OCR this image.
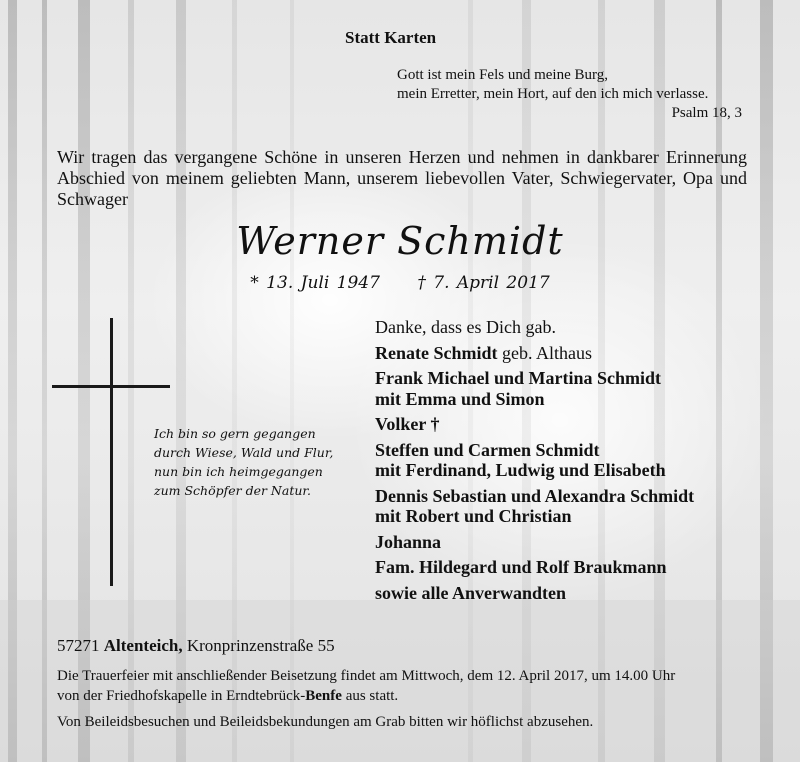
Statt Karten
Gott ist mein Fels und meine Burg,
mein Erretter, mein Hort, auf den ich mich verlasse.
Psalm 18, 3
Wir tragen das vergangene Schöne in unseren Herzen und nehmen in dankbarer Erinnerung Abschied von meinem geliebten Mann, unserem liebevollen Vater, Schwiegervater, Opa und Schwager
Werner Schmidt
* 13. Juli 1947 † 7. April 2017
Ich bin so gern gegangen
durch Wiese, Wald und Flur,
nun bin ich heimgegangen
zum Schöpfer der Natur.
Danke, dass es Dich gab.
Renate Schmidt geb. Althaus
Frank Michael und Martina Schmidt
mit Emma und Simon
Volker †
Steffen und Carmen Schmidt
mit Ferdinand, Ludwig und Elisabeth
Dennis Sebastian und Alexandra Schmidt
mit Robert und Christian
Johanna
Fam. Hildegard und Rolf Braukmann
sowie alle Anverwandten
57271 Altenteich, Kronprinzenstraße 55
Die Trauerfeier mit anschließender Beisetzung findet am Mittwoch, dem 12. April 2017, um 14.00 Uhr
von der Friedhofskapelle in Erndtebrück-Benfe aus statt.
Von Beileidsbesuchen und Beileidsbekundungen am Grab bitten wir höflichst abzusehen.
